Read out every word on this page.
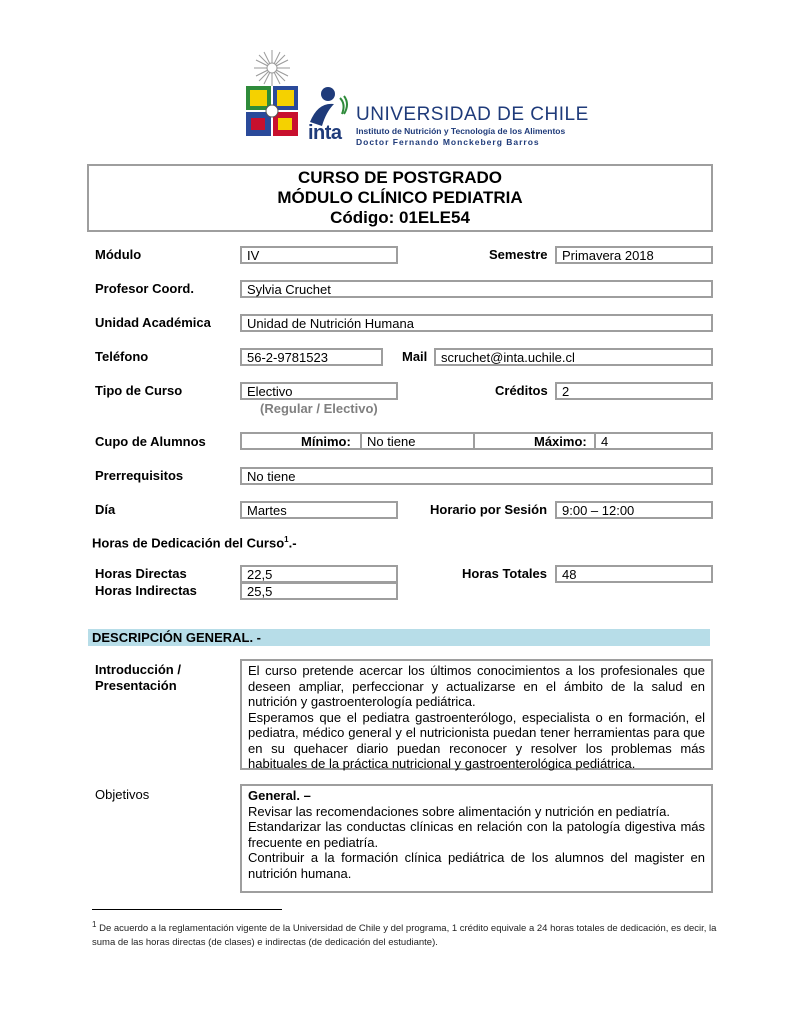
inta
UNIVERSIDAD DE CHILE
Instituto de Nutrición y Tecnología de los Alimentos
Doctor Fernando Monckeberg Barros
CURSO DE POSTGRADO
MÓDULO CLÍNICO PEDIATRIA
Código: 01ELE54
Módulo	IV	Semestre	Primavera 2018
Profesor Coord.	Sylvia Cruchet
Unidad Académica	Unidad de Nutrición Humana
Teléfono	56-2-9781523	Mail	scruchet@inta.uchile.cl
Tipo de Curso	Electivo
(Regular / Electivo)
Créditos	2
Cupo de Alumnos	Mínimo:	No tiene	Máximo:	4
Prerrequisitos	No tiene
Día	Martes	Horario por Sesión	9:00 – 12:00
Horas de Dedicación del Curso$^1$.-
Horas Directas	22,5
Horas Indirectas	25,5
Horas Totales	48
DESCRIPCIÓN GENERAL. -
Introducción /
Presentación

El curso pretende acercar los últimos conocimientos a los profesionales que deseen ampliar, perfeccionar y actualizarse en el ámbito de la salud en nutrición y gastroenterología pediátrica.

Esperamos que el pediatra gastroenterólogo, especialista o en formación, el pediatra, médico general y el nutricionista puedan tener herramientas para que en su quehacer diario puedan reconocer y resolver los problemas más habituales de la práctica nutricional y gastroenterológica pediátrica.

Objetivos	General. –

Revisar las recomendaciones sobre alimentación y nutrición en pediatría.

Estandarizar las conductas clínicas en relación con la patología digestiva más frecuente en pediatría.

Contribuir a la formación clínica pediátrica de los alumnos del magister en nutrición humana.

$^1$ De acuerdo a la reglamentación vigente de la Universidad de Chile y del programa, 1 crédito equivale a 24 horas totales de dedicación, es decir, la suma de las horas directas (de clases) e indirectas (de dedicación del estudiante).
